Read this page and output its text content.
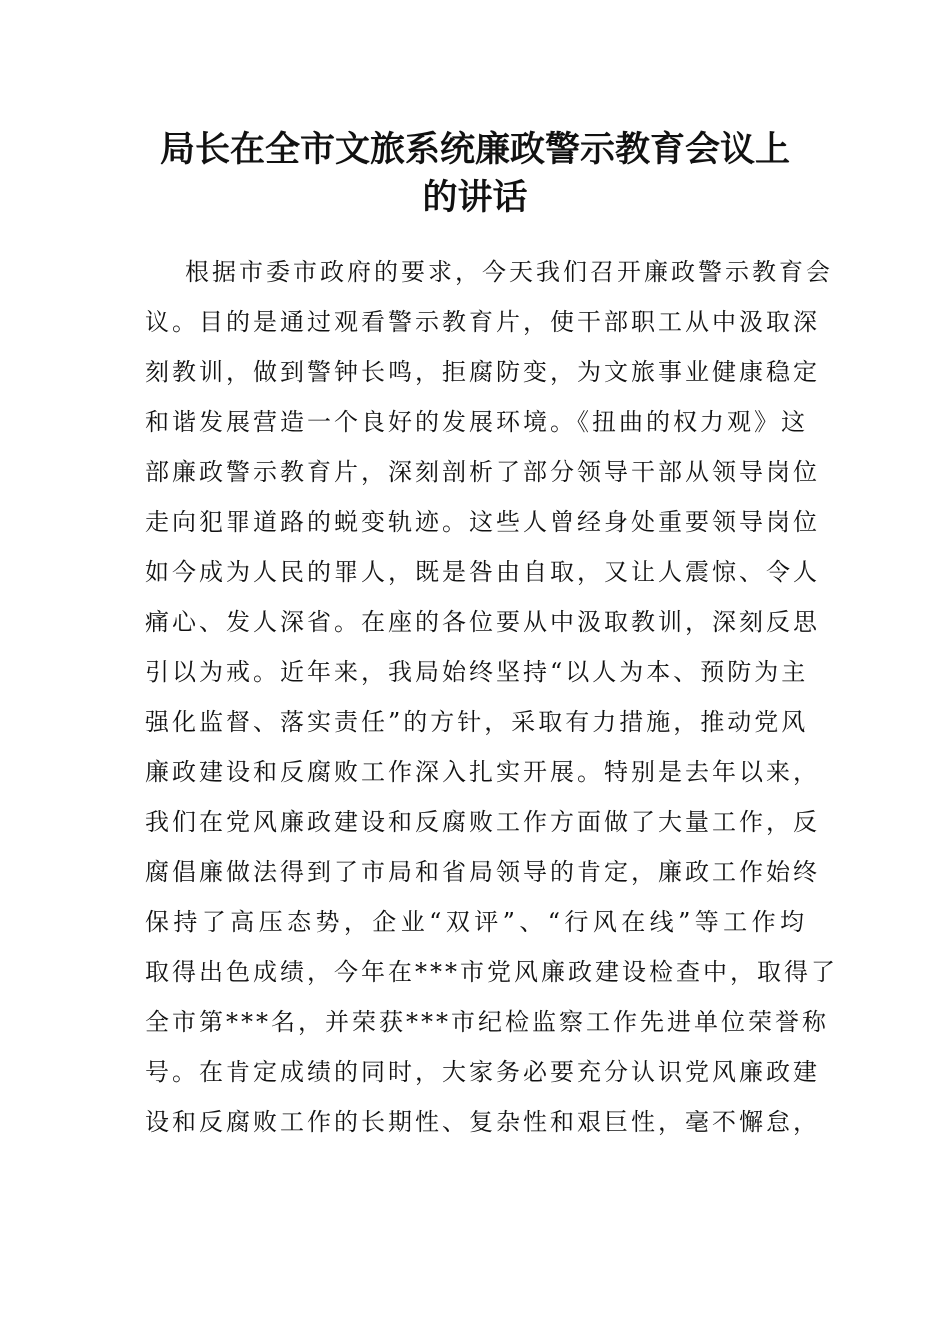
局长在全市文旅系统廉政警示教育会议上
的讲话
根据市委市政府的要求，今天我们召开廉政警示教育会
议。目的是通过观看警示教育片，使干部职工从中汲取深
刻教训，做到警钟长鸣，拒腐防变，为文旅事业健康稳定
和谐发展营造一个良好的发展环境。《扭曲的权力观》这
部廉政警示教育片，深刻剖析了部分领导干部从领导岗位
走向犯罪道路的蜕变轨迹。这些人曾经身处重要领导岗位
如今成为人民的罪人，既是咎由自取，又让人震惊、令人
痛心、发人深省。在座的各位要从中汲取教训，深刻反思
引以为戒。近年来，我局始终坚持“以人为本、预防为主
强化监督、落实责任”的方针，采取有力措施，推动党风
廉政建设和反腐败工作深入扎实开展。特别是去年以来，
我们在党风廉政建设和反腐败工作方面做了大量工作，反
腐倡廉做法得到了市局和省局领导的肯定，廉政工作始终
保持了高压态势，企业“双评”、“行风在线”等工作均
取得出色成绩，今年在***市党风廉政建设检查中，取得了
全市第***名，并荣获***市纪检监察工作先进单位荣誉称
号。在肯定成绩的同时，大家务必要充分认识党风廉政建
设和反腐败工作的长期性、复杂性和艰巨性，毫不懈怠，
